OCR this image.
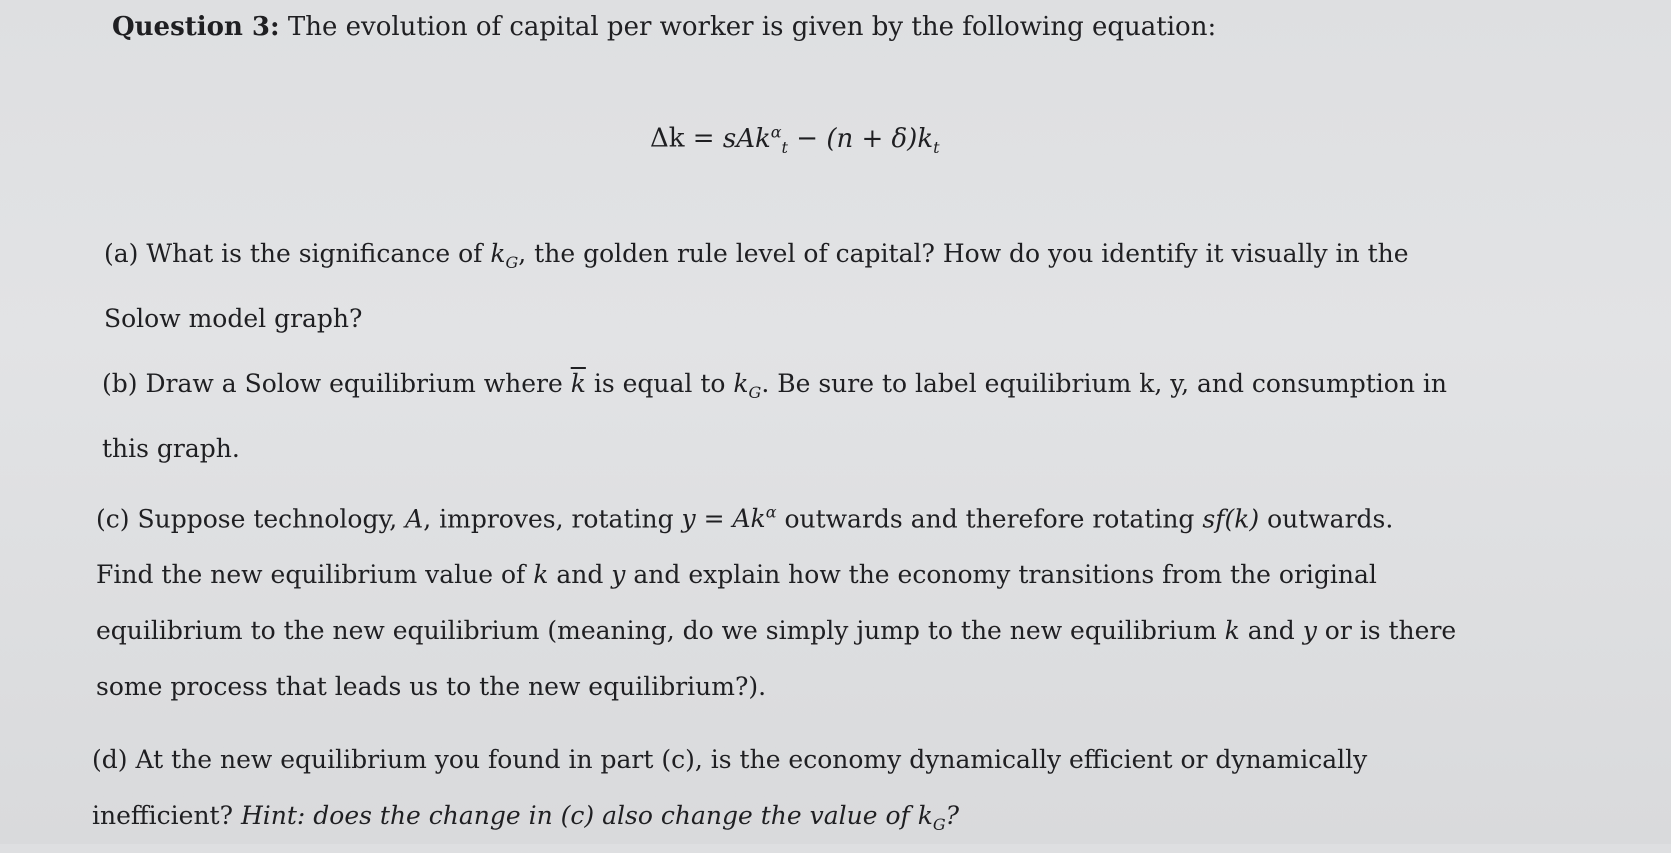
Question 3: The evolution of capital per worker is given by the following equation:
$\Delta k = sAk^\alpha_t - (n + \delta)k_t$
(a) What is the significance of $k_G$, the golden rule level of capital? How do you identify it visually in the
Solow model graph?
(b) Draw a Solow equilibrium where $\overline{k}$ is equal to $k_G$. Be sure to label equilibrium k, y, and consumption in
this graph.
(c) Suppose technology, A, improves, rotating $y = Ak^\alpha$ outwards and therefore rotating sf(k) outwards.
Find the new equilibrium value of k and y and explain how the economy transitions from the original
equilibrium to the new equilibrium (meaning, do we simply jump to the new equilibrium k and y or is there
some process that leads us to the new equilibrium?).
(d) At the new equilibrium you found in part (c), is the economy dynamically efficient or dynamically
inefficient? Hint: does the change in (c) also change the value of $k_G$?
